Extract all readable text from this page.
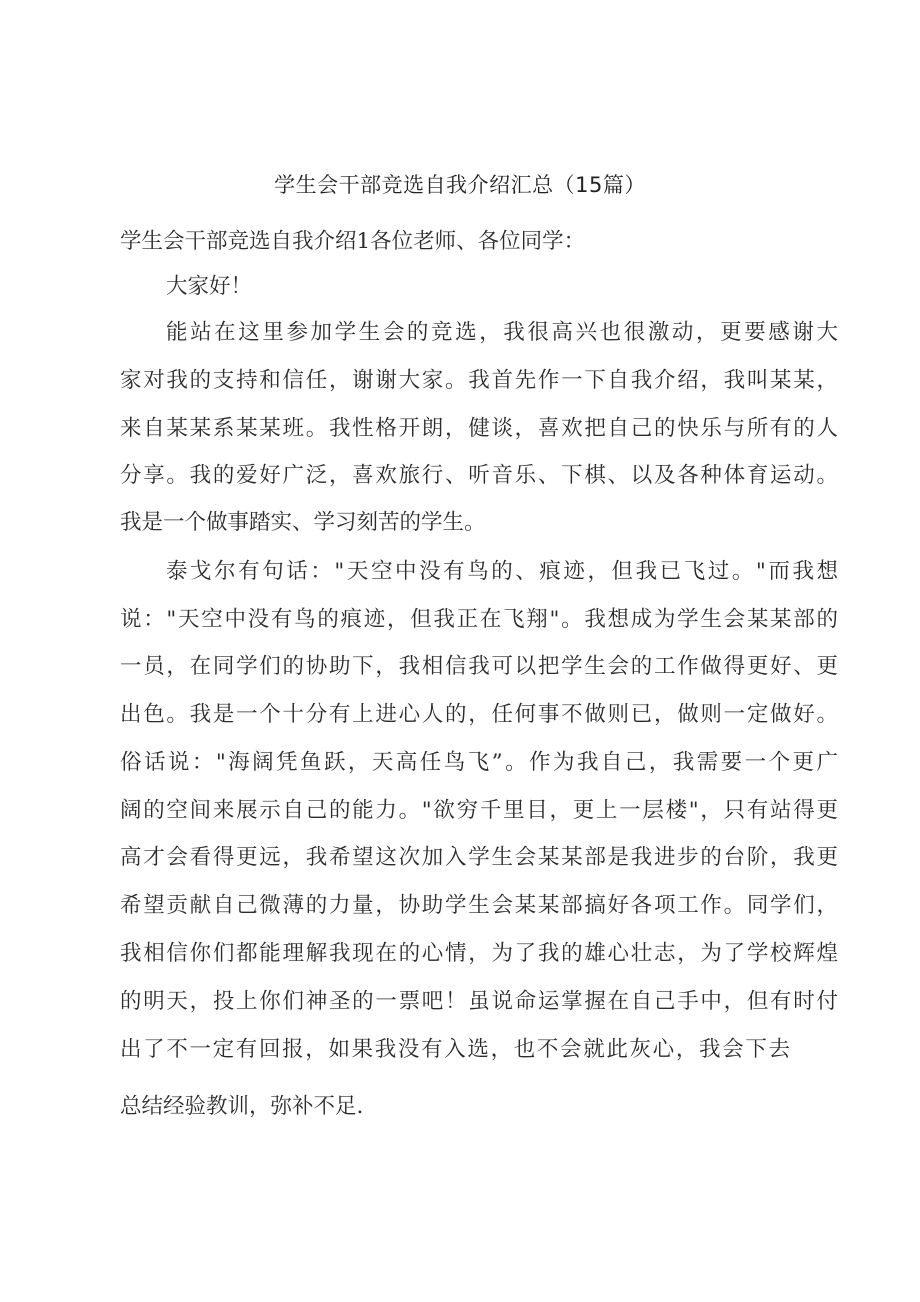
学生会干部竞选自我介绍汇总（15篇）
学生会干部竞选自我介绍1各位老师、各位同学：
大家好！
能站在这里参加学生会的竞选，我很高兴也很激动，更要感谢大
家对我的支持和信任，谢谢大家。我首先作一下自我介绍，我叫某某，
来自某某系某某班。我性格开朗，健谈，喜欢把自己的快乐与所有的人
分享。我的爱好广泛，喜欢旅行、听音乐、下棋、以及各种体育运动。
我是一个做事踏实、学习刻苦的学生。
泰戈尔有句话："天空中没有鸟的、痕迹，但我已飞过。"而我想
说："天空中没有鸟的痕迹，但我正在飞翔"。我想成为学生会某某部的
一员，在同学们的协助下，我相信我可以把学生会的工作做得更好、更
出色。我是一个十分有上进心人的，任何事不做则已，做则一定做好。
俗话说："海阔凭鱼跃，天高任鸟飞”。作为我自己，我需要一个更广
阔的空间来展示自己的能力。"欲穷千里目，更上一层楼"，只有站得更
高才会看得更远，我希望这次加入学生会某某部是我进步的台阶，我更
希望贡献自己微薄的力量，协助学生会某某部搞好各项工作。同学们，
我相信你们都能理解我现在的心情，为了我的雄心壮志，为了学校辉煌
的明天，投上你们神圣的一票吧！虽说命运掌握在自己手中，但有时付
出了不一定有回报，如果我没有入选，也不会就此灰心，我会下去
总结经验教训，弥补不足.
